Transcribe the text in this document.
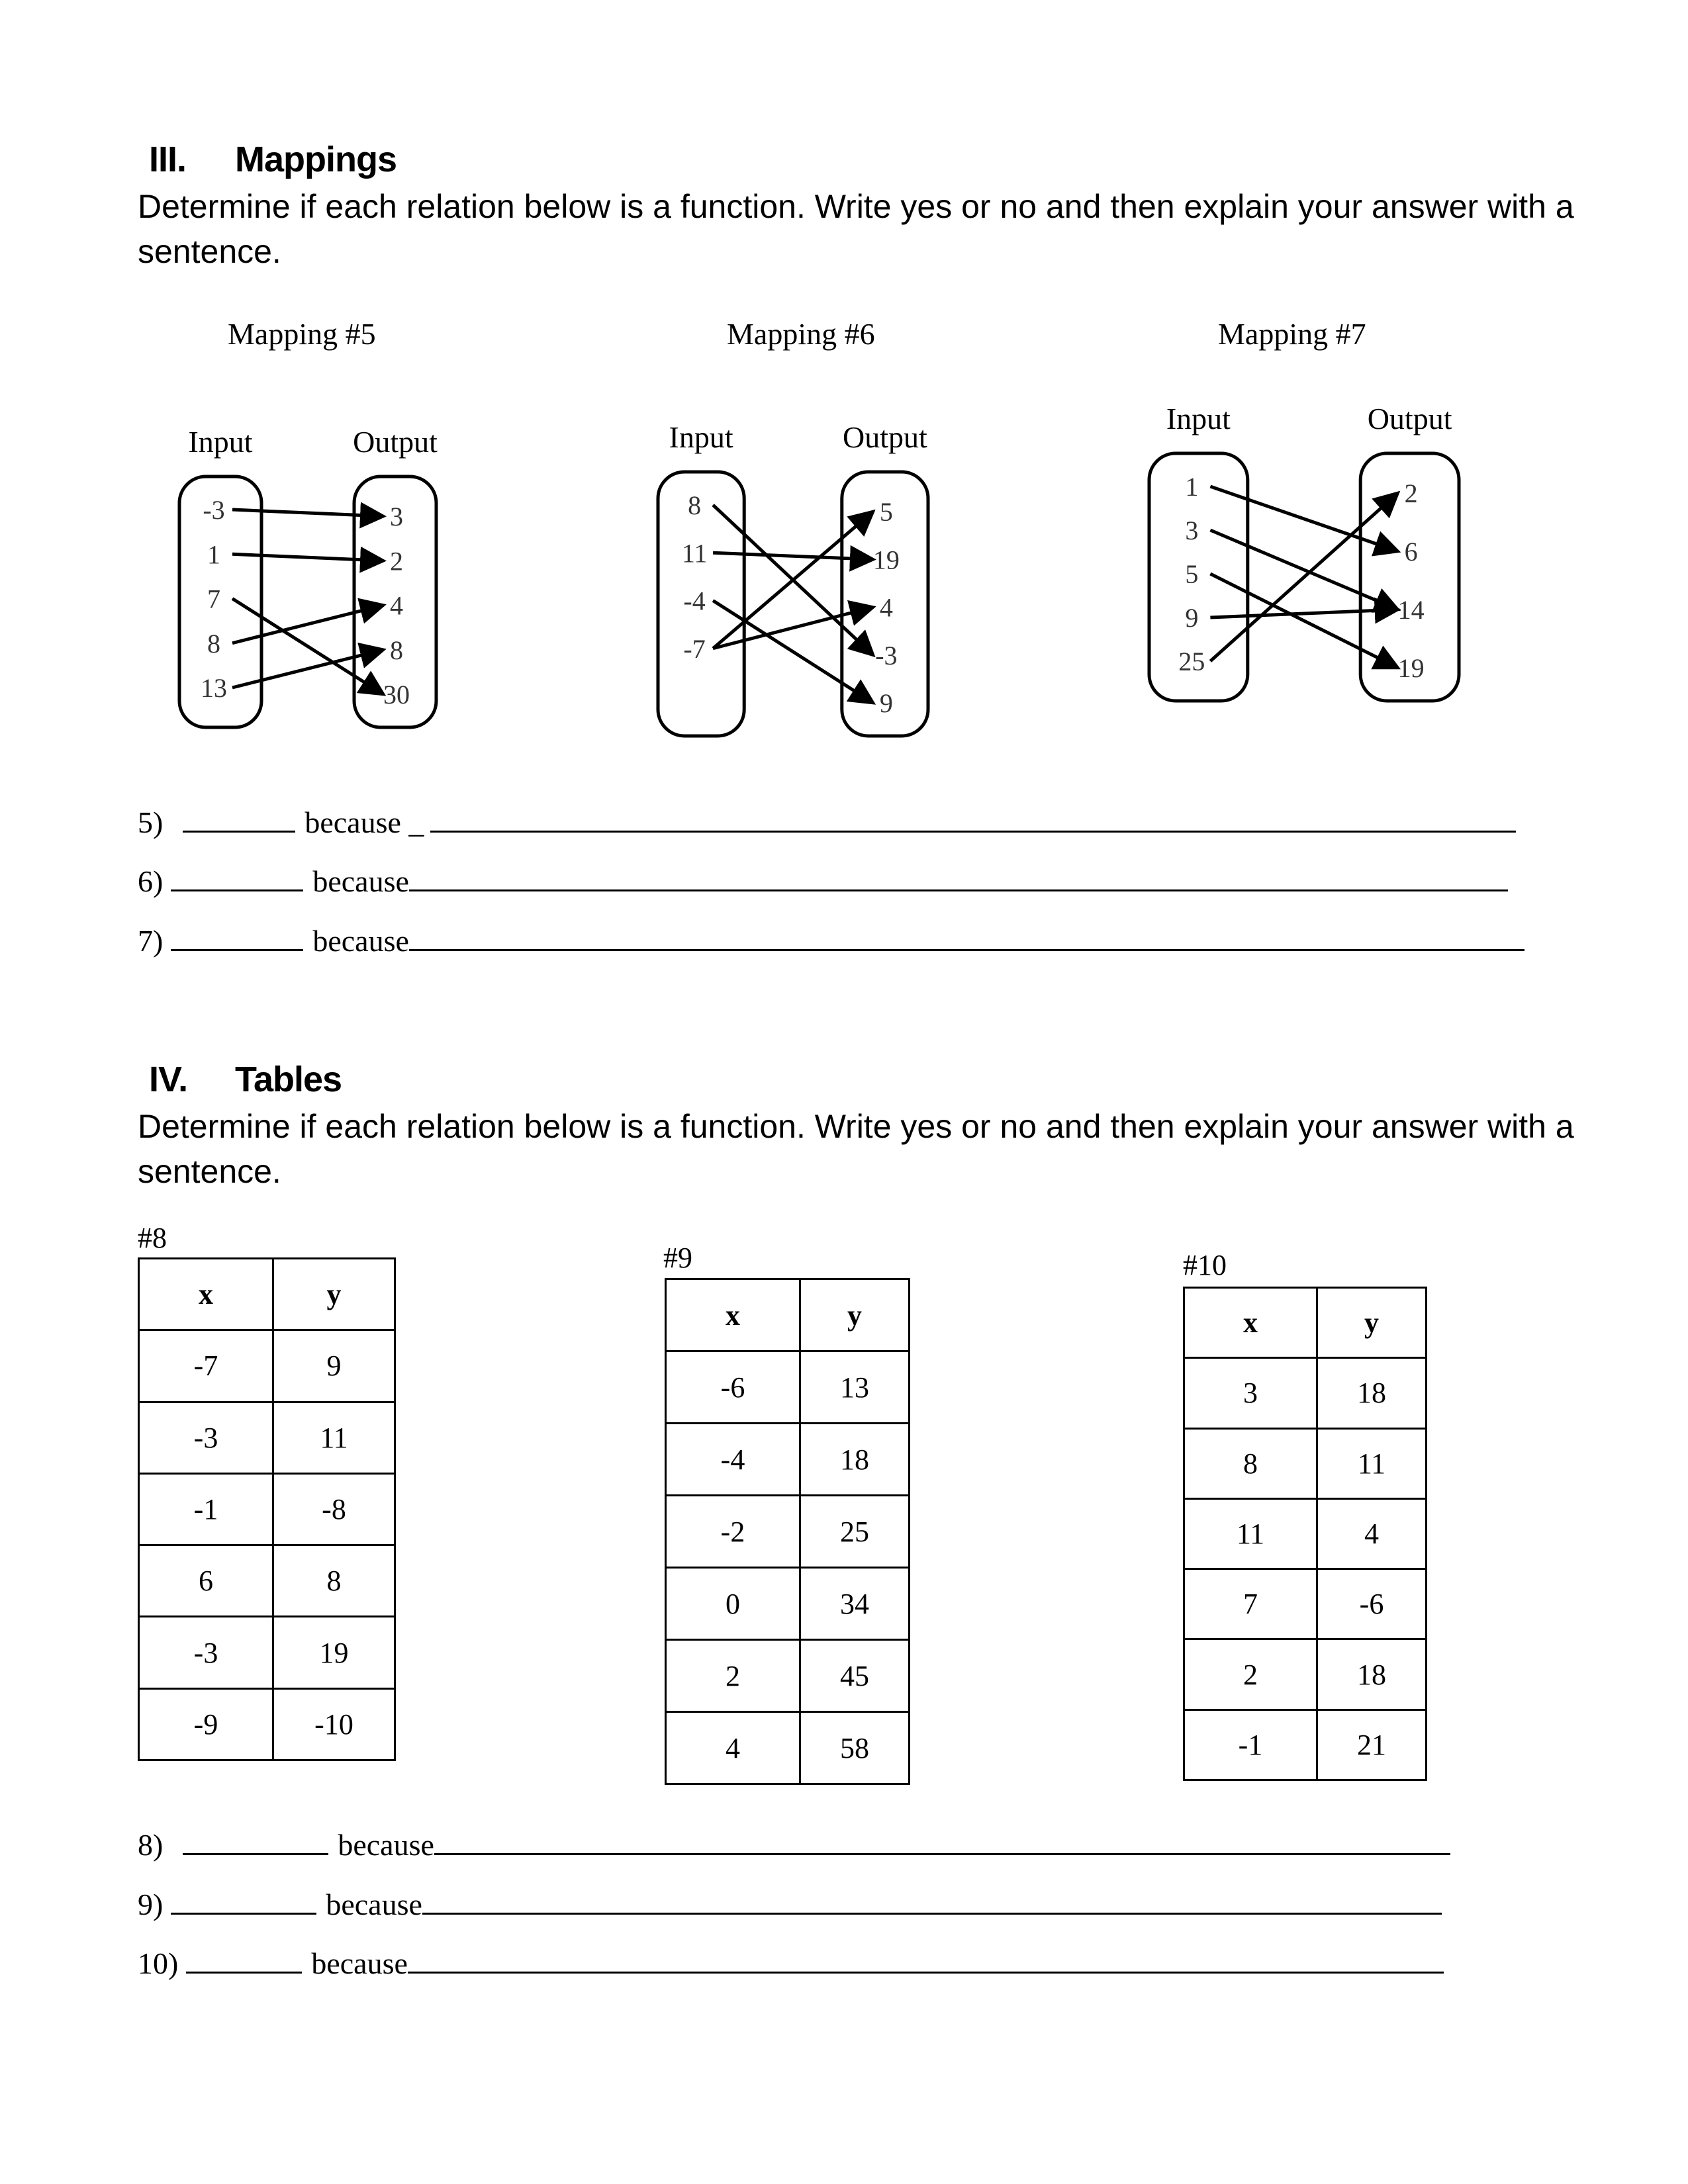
III. Mappings
Determine if each relation below is a function. Write yes or no and then explain your answer with a sentence.
Mapping #5	Mapping #6	Mapping #7
Input	Output
-3
1
7
8
13
3
2
4
8
30
Input	Output
8
11
-4
-7
5
19
4
-3
9
Input	Output
1
3
5
9
25
2
6
14
19
5)	because _
6)	because
7)	because
IV. Tables
Determine if each relation below is a function. Write yes or no and then explain your answer with a sentence.
#8
x	y
-7	9
-3	11
-1	-8
6	8
-3	19
-9	-10
#9
x	y
-6	13
-4	18
-2	25
0	34
2	45
4	58
#10
x	y
3	18
8	11
11	4
7	-6
2	18
-1	21
8)	because
9)	because
10)	because
